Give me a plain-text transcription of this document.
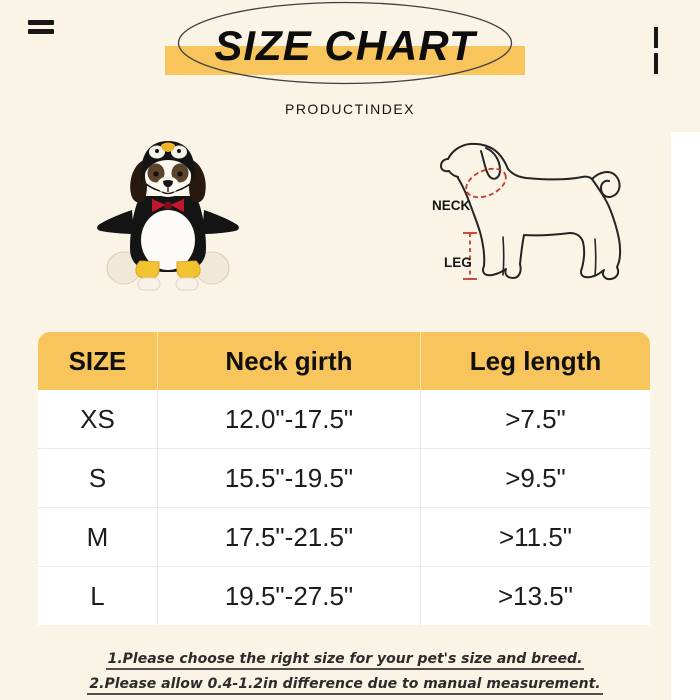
SIZE CHART
PRODUCTINDEX
NECK
LEG
SIZE	Neck girth	Leg length
XS	12.0"-17.5"	>7.5"
S	15.5"-19.5"	>9.5"
M	17.5"-21.5"	>11.5"
L	19.5"-27.5"	>13.5"
1.Please choose the right size for your pet's size and breed.
2.Please allow 0.4-1.2in difference due to manual measurement.
